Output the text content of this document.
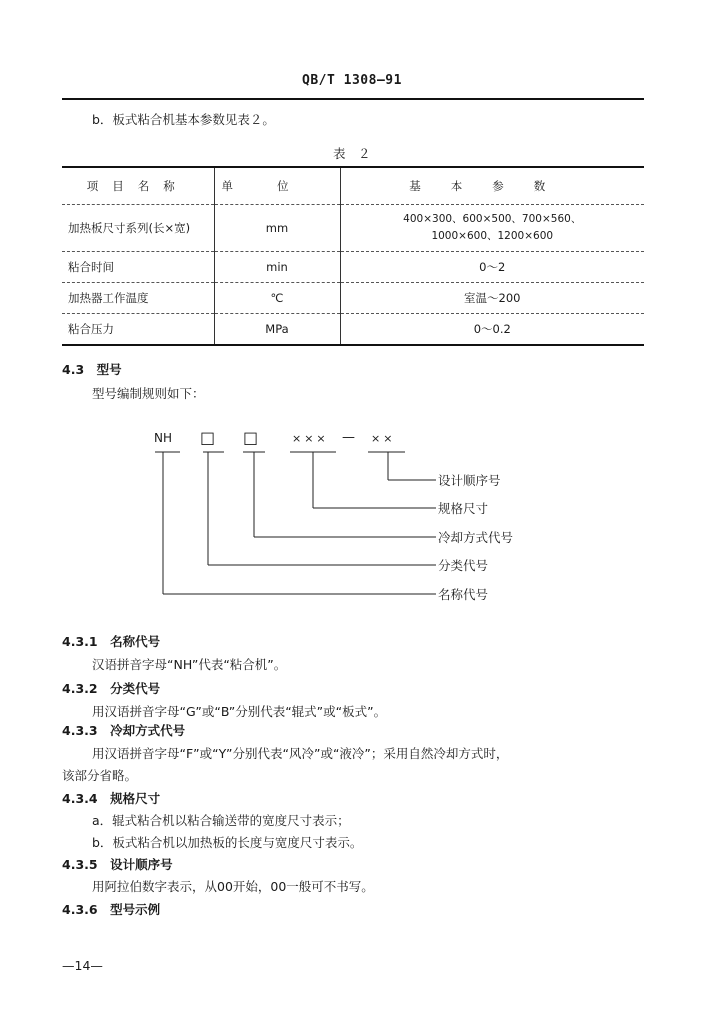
QB/T 1308—91
b．板式粘合机基本参数见表２。
表　２
项目名称	单位	基本参数
加热板尺寸系列(长×宽)	mm	400×300、600×500、700×560、
1000×600、1200×600

粘合时间	min	0～2
加热器工作温度	℃	室温～200
粘合压力	MPa	0～0.2
4.3　型号
型号编制规则如下：
NH □ □	××× — ××
设计顺序号
规格尺寸
冷却方式代号
分类代号
名称代号
4.3.1　名称代号
汉语拼音字母“NH”代表“粘合机”。
4.3.2　分类代号
用汉语拼音字母“G”或“B”分别代表“辊式”或“板式”。
4.3.3　冷却方式代号
用汉语拼音字母“F”或“Y”分别代表“风冷”或“液冷”；采用自然冷却方式时，
该部分省略。
4.3.4　规格尺寸
a．辊式粘合机以粘合输送带的宽度尺寸表示；
b．板式粘合机以加热板的长度与宽度尺寸表示。
4.3.5　设计顺序号
用阿拉伯数字表示，从00开始，00一般可不书写。
4.3.6　型号示例
—14—
